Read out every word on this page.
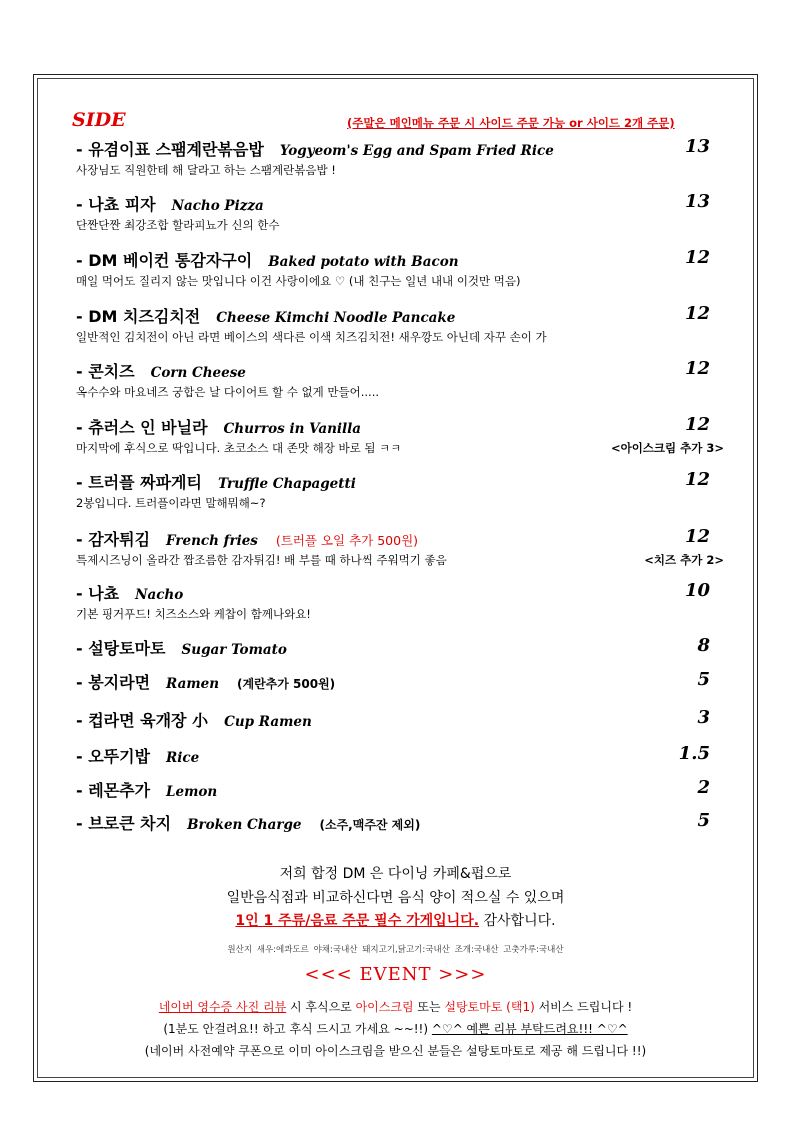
SIDE	(주말은 메인메뉴 주문 시 사이드 주문 가능 or 사이드 2개 주문)
- 유겸이표 스팸계란볶음밥 Yogyeom's Egg and Spam Fried Rice	13
사장님도 직원한테 해 달라고 하는 스팸계란볶음밥 !
- 나쵸 피자 Nacho Pizza	13
단짠단짠 최강조합 할라피뇨가 신의 한수
- DM 베이컨 통감자구이 Baked potato with Bacon	12
매일 먹어도 질리지 않는 맛입니다 이건 사랑이에요 ♡ (내 친구는 일년 내내 이것만 먹음)
- DM 치즈김치전 Cheese Kimchi Noodle Pancake	12
일반적인 김치전이 아닌 라면 베이스의 색다른 이색 치즈김치전! 새우깡도 아닌데 자꾸 손이 가
- 콘치즈 Corn Cheese	12
옥수수와 마요네즈 궁합은 날 다이어트 할 수 없게 만들어.....
- 츄러스 인 바닐라 Churros in Vanilla	12
마지막에 후식으로 딱입니다. 초코소스 대 존맛 해장 바로 됨 ㅋㅋ	<아이스크림 추가 3>
- 트러플 짜파게티 Truffle Chapagetti	12
2봉입니다. 트러플이라면 말해뭐해~?
- 감자튀김 French fries (트러플 오일 추가 500원)	12
특제시즈닝이 올라간 짭조름한 감자튀김! 배 부를 때 하나씩 주워먹기 좋음	<치즈 추가 2>
- 나쵸 Nacho	10
기본 핑거푸드! 치즈소스와 케찹이 함께나와요!
- 설탕토마토 Sugar Tomato	8
- 봉지라면 Ramen (계란추가 500원)	5
- 컵라면 육개장 小 Cup Ramen	3
- 오뚜기밥 Rice	1.5
- 레몬추가 Lemon	2
- 브로큰 차지 Broken Charge (소주,맥주잔 제외)	5
저희 합정 DM 은 다이닝 카페&펍으로
일반음식점과 비교하신다면 음식 양이 적으실 수 있으며
1인 1 주류/음료 주문 필수 가게입니다. 감사합니다.
원산지 새우:에콰도르 야채:국내산 돼지고기,닭고기:국내산 조개:국내산 고춧가루:국내산
<<< EVENT >>>
네이버 영수증 사진 리뷰 시 후식으로 아이스크림 또는 설탕토마토 (택1) 서비스 드립니다 !
(1분도 안걸려요!! 하고 후식 드시고 가세요 ~~!!) ^♡^ 예쁜 리뷰 부탁드려요!!! ^♡^
(네이버 사전예약 쿠폰으로 이미 아이스크림을 받으신 분들은 설탕토마토로 제공 해 드립니다 !!)
